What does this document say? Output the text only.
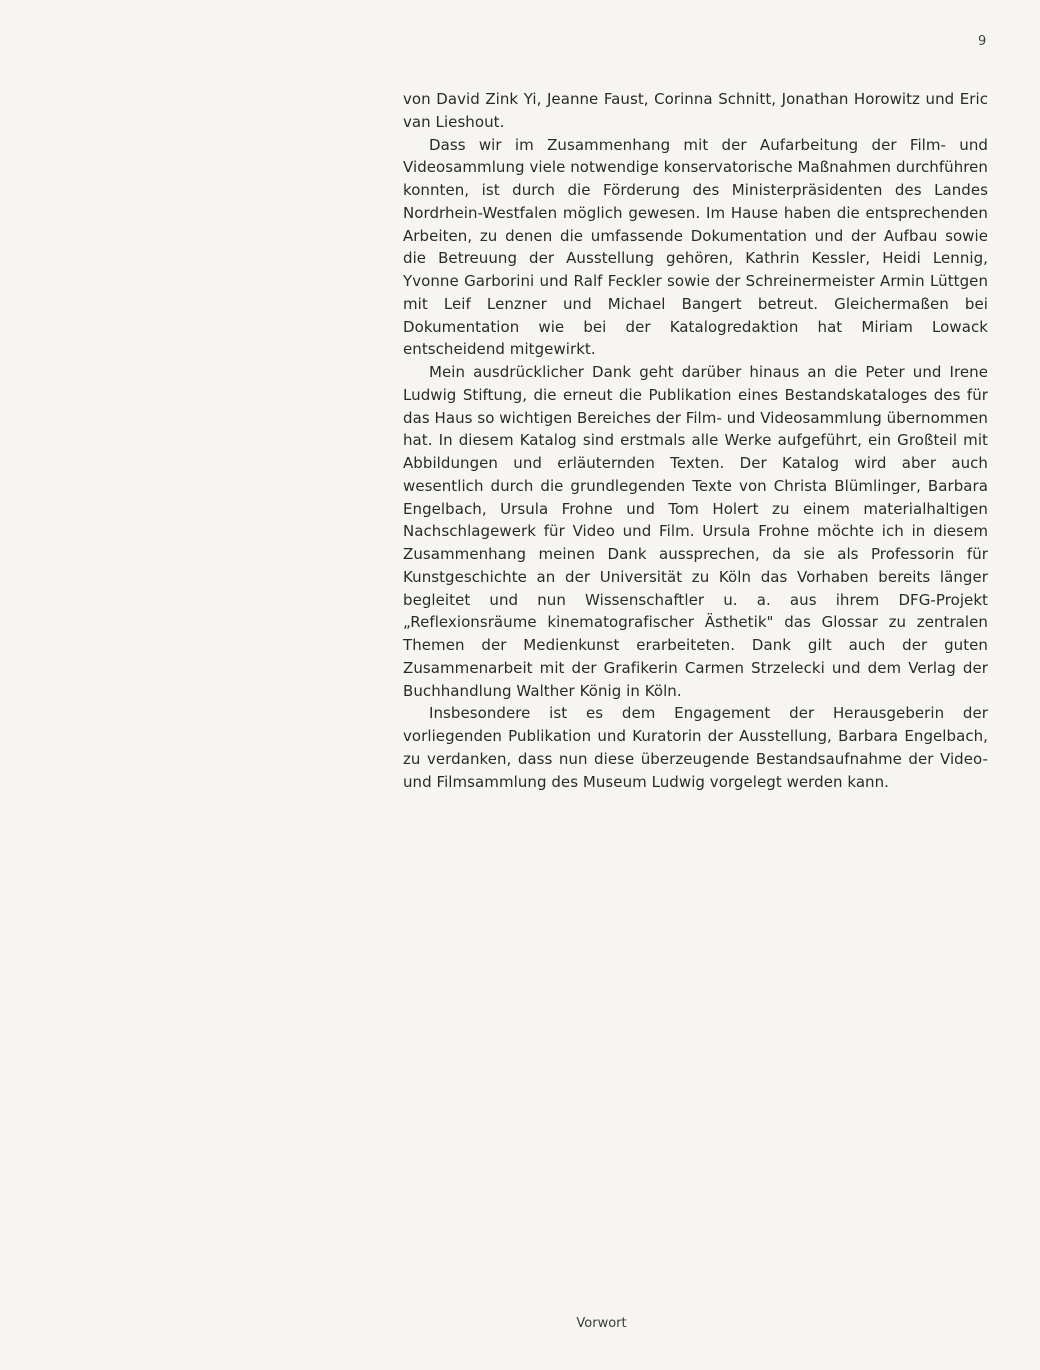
9

von David Zink Yi, Jeanne Faust, Corinna Schnitt, Jonathan Horowitz und Eric van Lieshout.

Dass wir im Zusammenhang mit der Aufarbeitung der Film- und Videosammlung viele notwendige konservatorische Maßnahmen durchführen konnten, ist durch die Förderung des Ministerpräsidenten des Landes Nordrhein-Westfalen möglich gewesen. Im Hause haben die entsprechenden Arbeiten, zu denen die umfassende Dokumentation und der Aufbau sowie die Betreuung der Ausstellung gehören, Kathrin Kessler, Heidi Lennig, Yvonne Garborini und Ralf Feckler sowie der Schreinermeister Armin Lüttgen mit Leif Lenzner und Michael Bangert betreut. Gleichermaßen bei Dokumentation wie bei der Katalogredaktion hat Miriam Lowack entscheidend mitgewirkt.

Mein ausdrücklicher Dank geht darüber hinaus an die Peter und Irene Ludwig Stiftung, die erneut die Publikation eines Bestandskataloges des für das Haus so wichtigen Bereiches der Film- und Videosammlung übernommen hat. In diesem Katalog sind erstmals alle Werke aufgeführt, ein Großteil mit Abbildungen und erläuternden Texten. Der Katalog wird aber auch wesentlich durch die grundlegenden Texte von Christa Blümlinger, Barbara Engelbach, Ursula Frohne und Tom Holert zu einem materialhaltigen Nachschlagewerk für Video und Film. Ursula Frohne möchte ich in diesem Zusammenhang meinen Dank aussprechen, da sie als Professorin für Kunstgeschichte an der Universität zu Köln das Vorhaben bereits länger begleitet und nun Wissenschaftler u. a. aus ihrem DFG-Projekt „Reflexionsräume kinematografischer Ästhetik" das Glossar zu zentralen Themen der Medienkunst erarbeiteten. Dank gilt auch der guten Zusammenarbeit mit der Grafikerin Carmen Strzelecki und dem Verlag der Buchhandlung Walther König in Köln.

Insbesondere ist es dem Engagement der Herausgeberin der vorliegenden Publikation und Kuratorin der Ausstellung, Barbara Engelbach, zu verdanken, dass nun diese überzeugende Bestandsaufnahme der Video- und Filmsammlung des Museum Ludwig vorgelegt werden kann.

Vorwort
